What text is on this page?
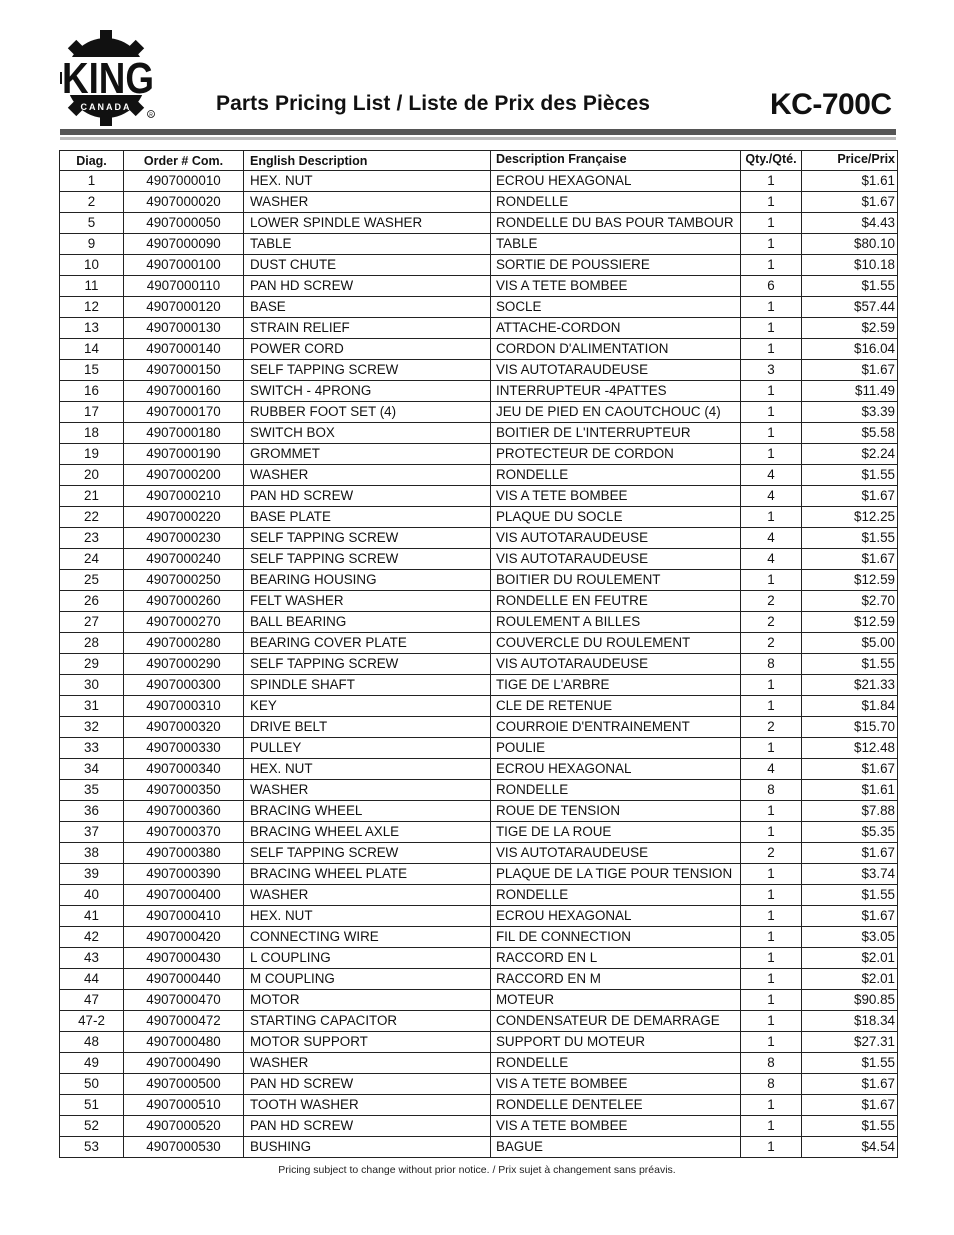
KING
CANADA
R
Parts Pricing List / Liste de Prix des Pièces	KC-700C
Diag.	Order # Com.	English Description	Description Française	Qty./Qté.	Price/Prix
1	4907000010	HEX. NUT	ECROU HEXAGONAL	1	$1.61
2	4907000020	WASHER	RONDELLE	1	$1.67
5	4907000050	LOWER SPINDLE WASHER	RONDELLE DU BAS POUR TAMBOUR	1	$4.43
9	4907000090	TABLE	TABLE	1	$80.10
10	4907000100	DUST CHUTE	SORTIE DE POUSSIERE	1	$10.18
11	4907000110	PAN HD SCREW	VIS A TETE BOMBEE	6	$1.55
12	4907000120	BASE	SOCLE	1	$57.44
13	4907000130	STRAIN RELIEF	ATTACHE-CORDON	1	$2.59
14	4907000140	POWER CORD	CORDON D'ALIMENTATION	1	$16.04
15	4907000150	SELF TAPPING SCREW	VIS AUTOTARAUDEUSE	3	$1.67
16	4907000160	SWITCH - 4PRONG	INTERRUPTEUR -4PATTES	1	$11.49
17	4907000170	RUBBER FOOT SET (4)	JEU DE PIED EN CAOUTCHOUC (4)	1	$3.39
18	4907000180	SWITCH BOX	BOITIER DE L'INTERRUPTEUR	1	$5.58
19	4907000190	GROMMET	PROTECTEUR DE CORDON	1	$2.24
20	4907000200	WASHER	RONDELLE	4	$1.55
21	4907000210	PAN HD SCREW	VIS A TETE BOMBEE	4	$1.67
22	4907000220	BASE PLATE	PLAQUE DU SOCLE	1	$12.25
23	4907000230	SELF TAPPING SCREW	VIS AUTOTARAUDEUSE	4	$1.55
24	4907000240	SELF TAPPING SCREW	VIS AUTOTARAUDEUSE	4	$1.67
25	4907000250	BEARING HOUSING	BOITIER DU ROULEMENT	1	$12.59
26	4907000260	FELT WASHER	RONDELLE EN FEUTRE	2	$2.70
27	4907000270	BALL BEARING	ROULEMENT A BILLES	2	$12.59
28	4907000280	BEARING COVER PLATE	COUVERCLE DU ROULEMENT	2	$5.00
29	4907000290	SELF TAPPING SCREW	VIS AUTOTARAUDEUSE	8	$1.55
30	4907000300	SPINDLE SHAFT	TIGE DE L'ARBRE	1	$21.33
31	4907000310	KEY	CLE DE RETENUE	1	$1.84
32	4907000320	DRIVE BELT	COURROIE D'ENTRAINEMENT	2	$15.70
33	4907000330	PULLEY	POULIE	1	$12.48
34	4907000340	HEX. NUT	ECROU HEXAGONAL	4	$1.67
35	4907000350	WASHER	RONDELLE	8	$1.61
36	4907000360	BRACING WHEEL	ROUE DE TENSION	1	$7.88
37	4907000370	BRACING WHEEL AXLE	TIGE DE LA ROUE	1	$5.35
38	4907000380	SELF TAPPING SCREW	VIS AUTOTARAUDEUSE	2	$1.67
39	4907000390	BRACING WHEEL PLATE	PLAQUE DE LA TIGE POUR TENSION	1	$3.74
40	4907000400	WASHER	RONDELLE	1	$1.55
41	4907000410	HEX. NUT	ECROU HEXAGONAL	1	$1.67
42	4907000420	CONNECTING WIRE	FIL DE CONNECTION	1	$3.05
43	4907000430	L COUPLING	RACCORD EN L	1	$2.01
44	4907000440	M COUPLING	RACCORD EN M	1	$2.01
47	4907000470	MOTOR	MOTEUR	1	$90.85
47-2	4907000472	STARTING CAPACITOR	CONDENSATEUR DE DEMARRAGE	1	$18.34
48	4907000480	MOTOR SUPPORT	SUPPORT DU MOTEUR	1	$27.31
49	4907000490	WASHER	RONDELLE	8	$1.55
50	4907000500	PAN HD SCREW	VIS A TETE BOMBEE	8	$1.67
51	4907000510	TOOTH WASHER	RONDELLE DENTELEE	1	$1.67
52	4907000520	PAN HD SCREW	VIS A TETE BOMBEE	1	$1.55
53	4907000530	BUSHING	BAGUE	1	$4.54
Pricing subject to change without prior notice. / Prix sujet à changement sans préavis.
